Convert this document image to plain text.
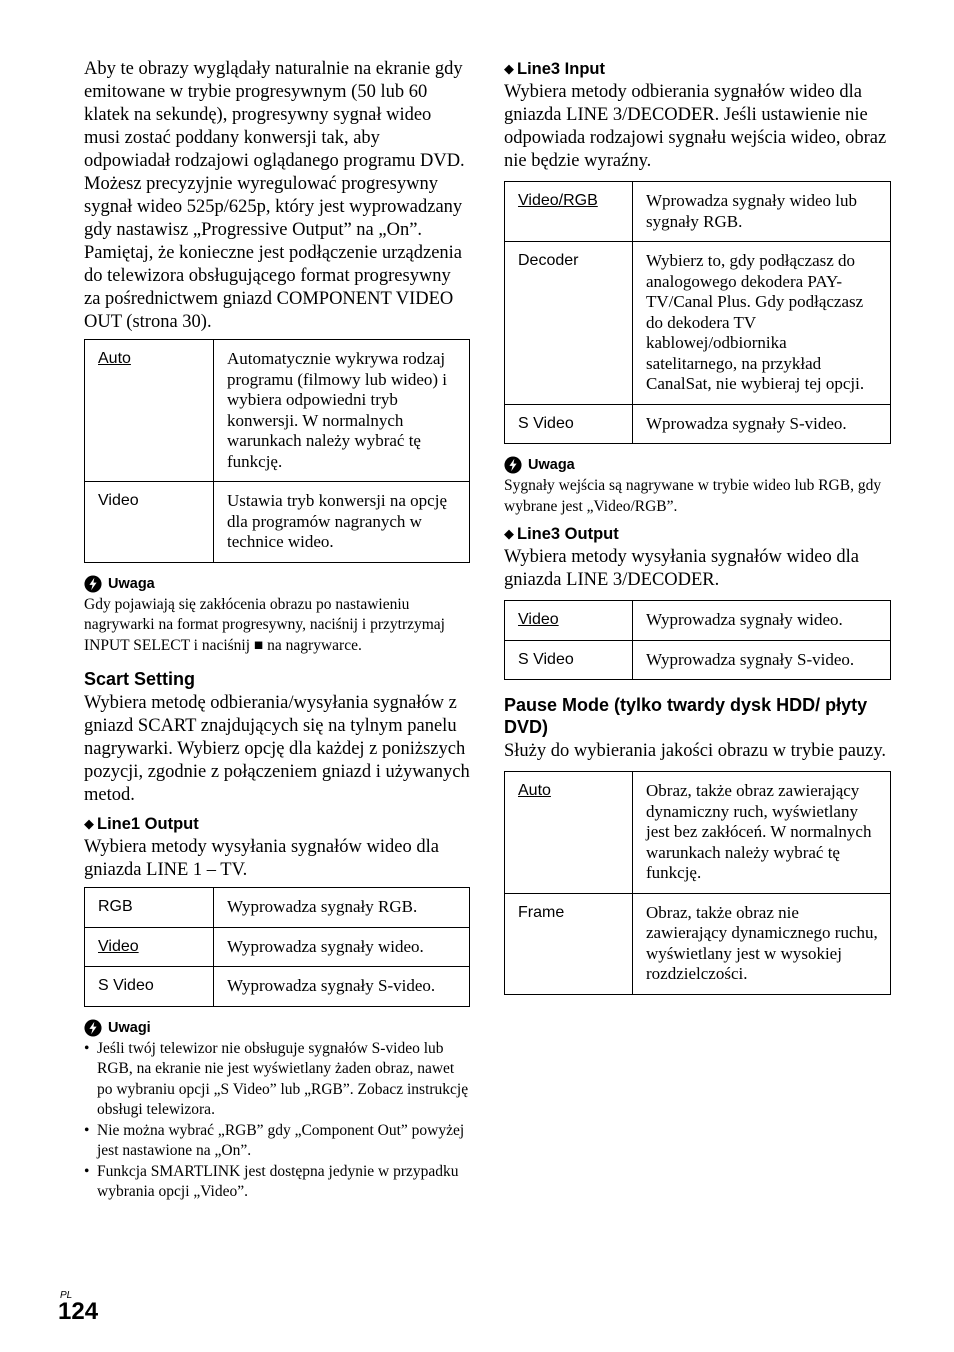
Aby te obrazy wyglądały naturalnie na ekranie gdy emitowane w trybie progresywnym (50 lub 60 klatek na sekundę), progresywny sygnał wideo musi zostać poddany konwersji tak, aby odpowiadał rodzajowi oglądanego programu DVD.

Możesz precyzyjnie wyregulować progresywny sygnał wideo 525p/625p, który jest wyprowadzany gdy nastawisz „Progressive Output” na „On”.

Pamiętaj, że konieczne jest podłączenie urządzenia do telewizora obsługującego format progresywny za pośrednictwem gniazd COMPONENT VIDEO OUT (strona 30).

Auto	Automatycznie wykrywa rodzaj programu (filmowy lub wideo) i wybiera odpowiedni tryb konwersji. W normalnych warunkach należy wybrać tę funkcję.
Video	Ustawia tryb konwersji na opcję dla programów nagranych w technice wideo.
Uwaga

Gdy pojawiają się zakłócenia obrazu po nastawieniu nagrywarki na format progresywny, naciśnij i przytrzymaj INPUT SELECT i naciśnij ■ na nagrywarce.

Scart Setting

Wybiera metodę odbierania/wysyłania sygnałów z gniazd SCART znajdujących się na tylnym panelu nagrywarki. Wybierz opcję dla każdej z poniższych pozycji, zgodnie z połączeniem gniazd i używanych metod.

◆ Line1 Output

Wybiera metody wysyłania sygnałów wideo dla gniazda LINE 1 – TV.

RGB	Wyprowadza sygnały RGB.
Video	Wyprowadza sygnały wideo.
S Video	Wyprowadza sygnały S-video.
Uwagi
• Jeśli twój telewizor nie obsługuje sygnałów S-video lub RGB, na ekranie nie jest wyświetlany żaden obraz, nawet po wybraniu opcji „S Video” lub „RGB”. Zobacz instrukcję obsługi telewizora.
• Nie można wybrać „RGB” gdy „Component Out” powyżej jest nastawione na „On”.
• Funkcja SMARTLINK jest dostępna jedynie w przypadku wybrania opcji „Video”.
◆ Line3 Input

Wybiera metody odbierania sygnałów wideo dla gniazda LINE 3/DECODER. Jeśli ustawienie nie odpowiada rodzajowi sygnału wejścia wideo, obraz nie będzie wyraźny.

Video/RGB	Wprowadza sygnały wideo lub sygnały RGB.
Decoder	Wybierz to, gdy podłączasz do analogowego dekodera PAY-TV/Canal Plus. Gdy podłączasz do dekodera TV kablowej/odbiornika satelitarnego, na przykład CanalSat, nie wybieraj tej opcji.
S Video	Wprowadza sygnały S-video.
Uwaga

Sygnały wejścia są nagrywane w trybie wideo lub RGB, gdy wybrane jest „Video/RGB”.

◆ Line3 Output

Wybiera metody wysyłania sygnałów wideo dla gniazda LINE 3/DECODER.

Video	Wyprowadza sygnały wideo.
S Video	Wyprowadza sygnały S-video.
Pause Mode (tylko twardy dysk HDD/ płyty DVD)

Służy do wybierania jakości obrazu w trybie pauzy.

Auto	Obraz, także obraz zawierający dynamiczny ruch, wyświetlany jest bez zakłóceń. W normalnych warunkach należy wybrać tę funkcję.
Frame	Obraz, także obraz nie zawierający dynamicznego ruchu, wyświetlany jest w wysokiej rozdzielczości.
PL
124
